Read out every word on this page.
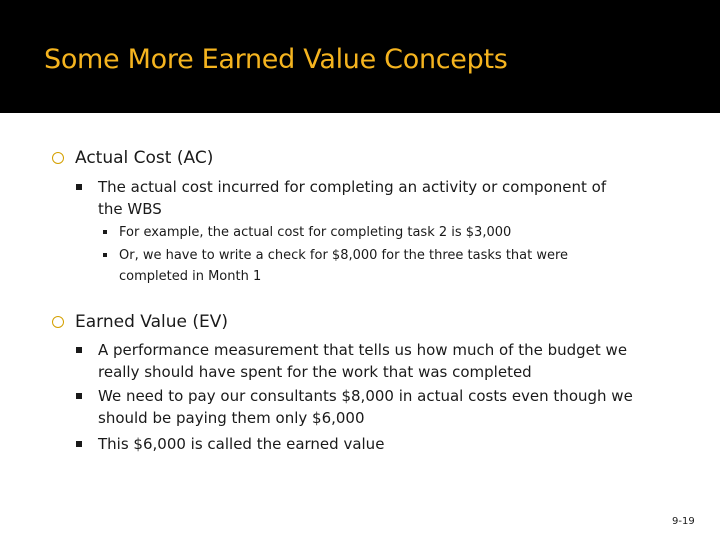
Some More Earned Value Concepts
Actual Cost (AC)
The actual cost incurred for completing an activity or component of
the WBS
For example, the actual cost for completing task 2 is $3,000
Or, we have to write a check for $8,000 for the three tasks that were
completed in Month 1
Earned Value (EV)
A performance measurement that tells us how much of the budget we
really should have spent for the work that was completed
We need to pay our consultants $8,000 in actual costs even though we
should be paying them only $6,000
This $6,000 is called the earned value
9-19
